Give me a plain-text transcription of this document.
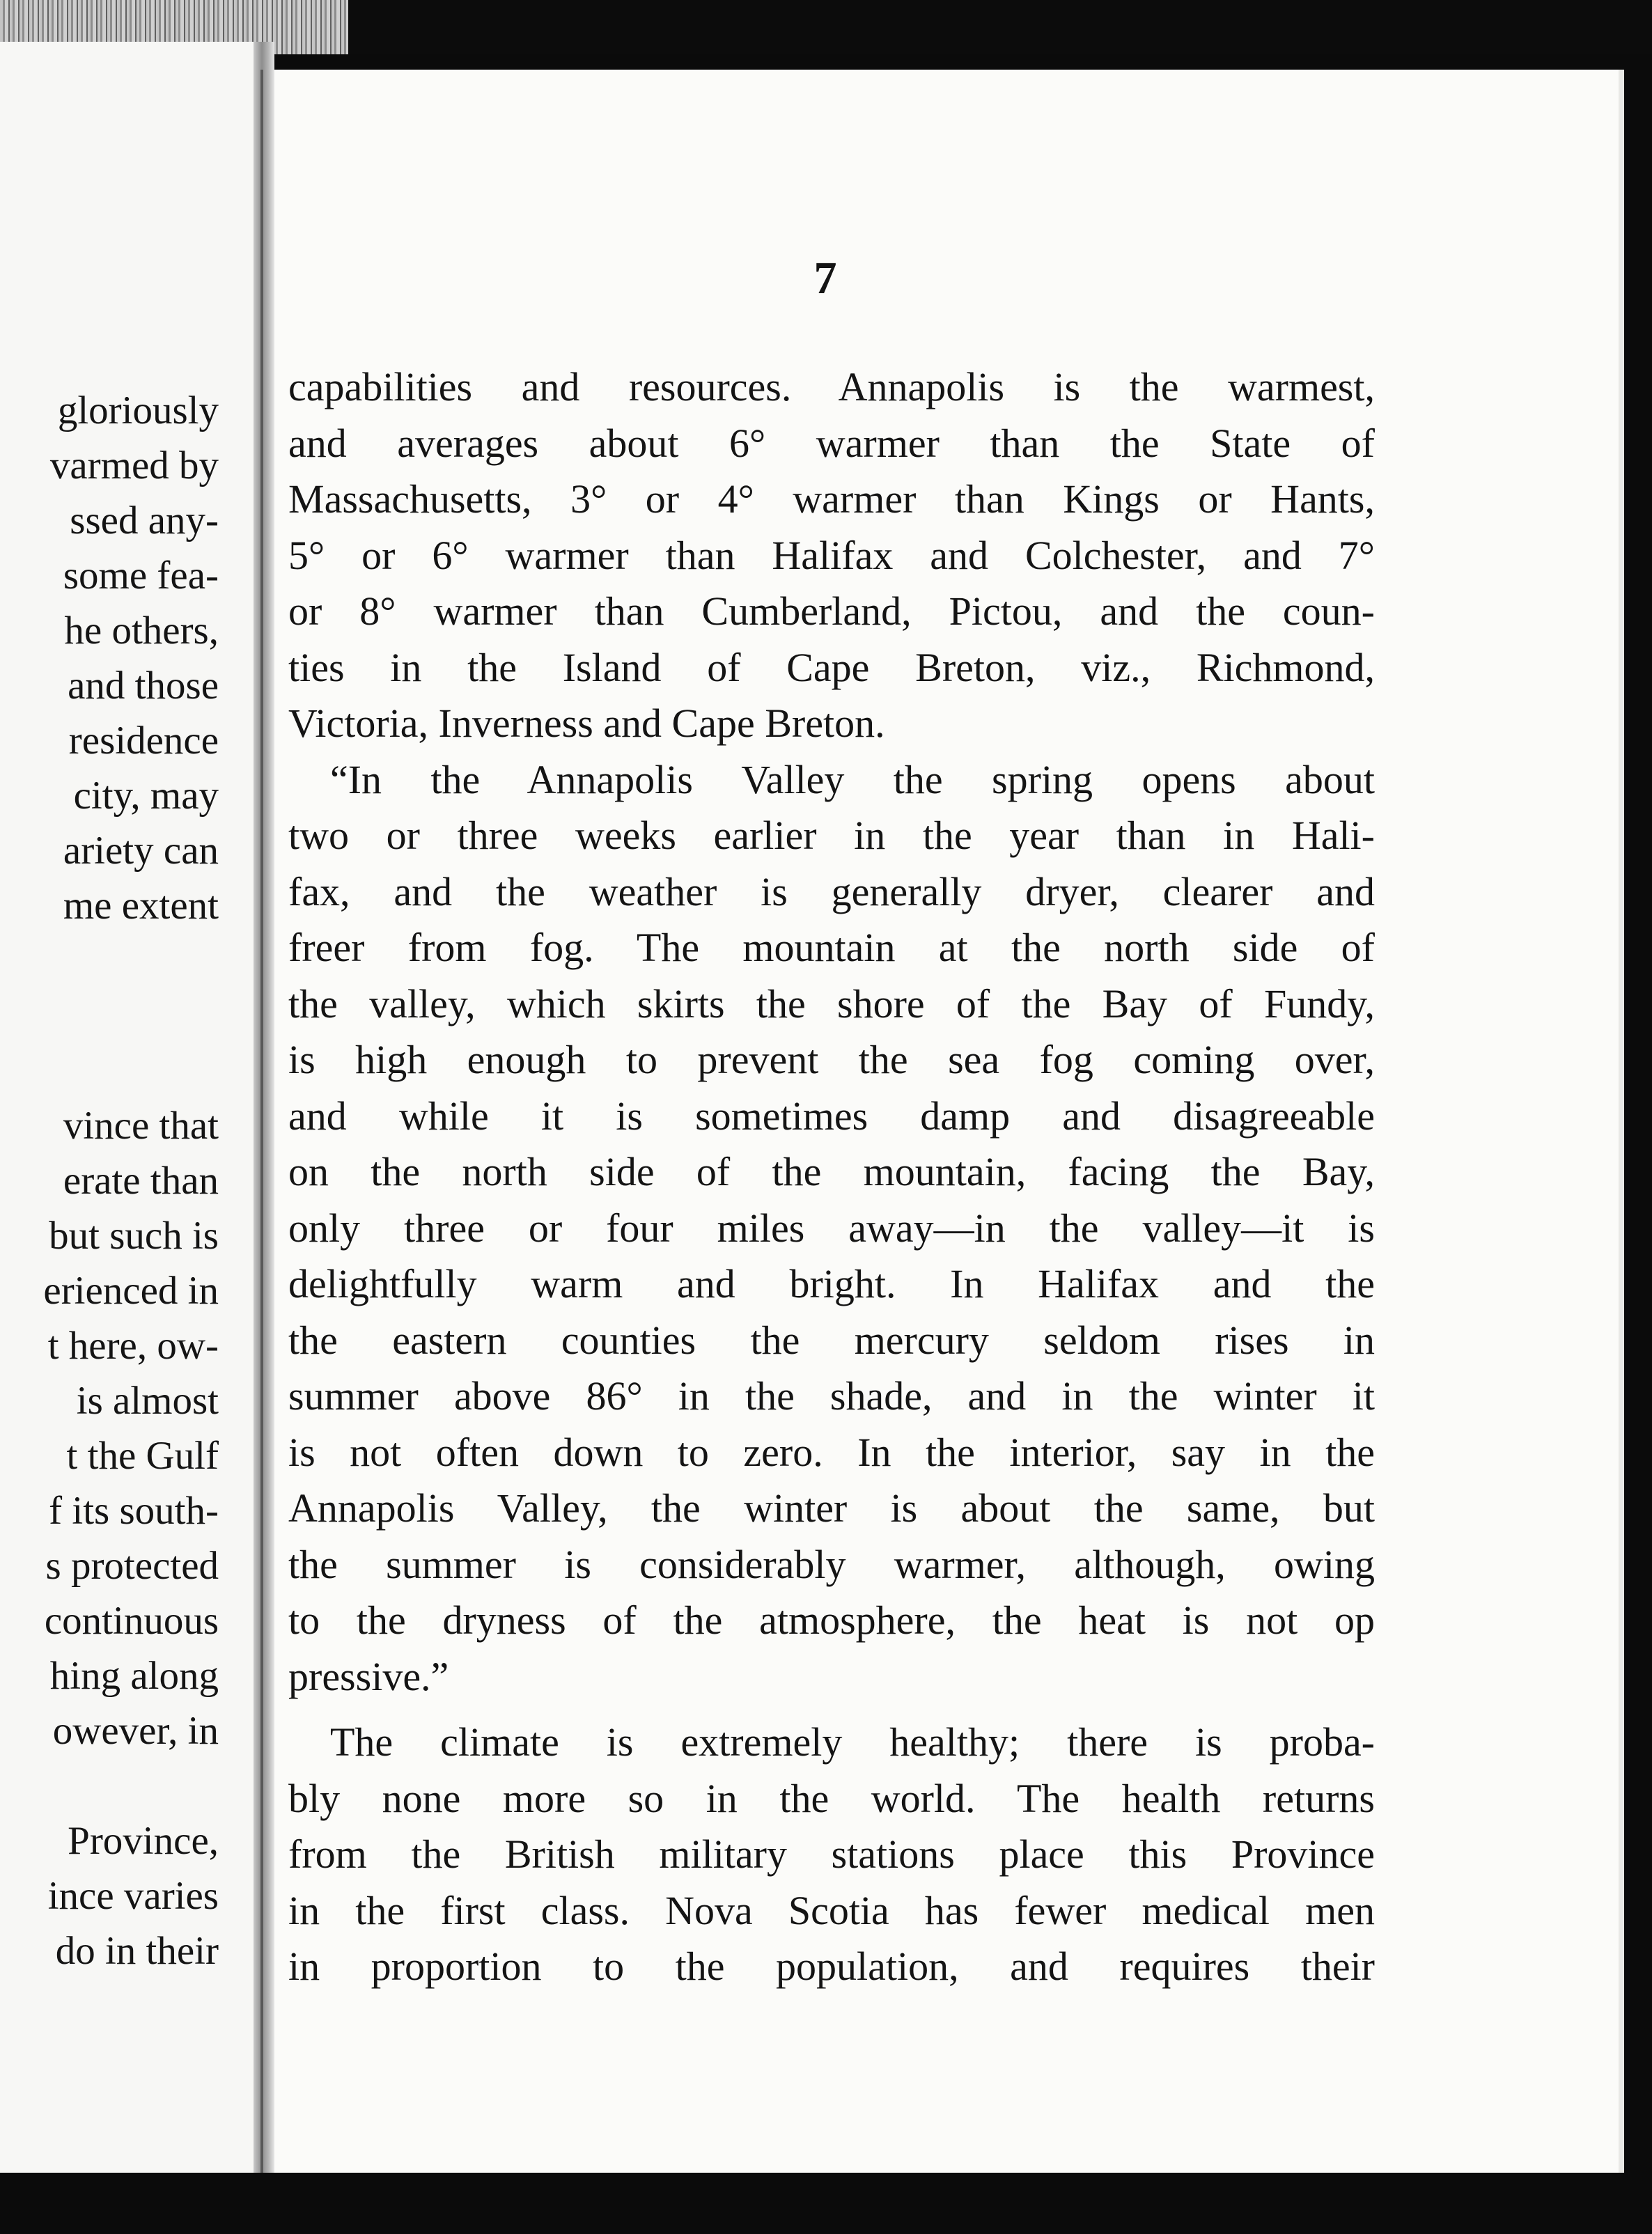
gloriously
varmed by
ssed any-
some fea-
he others,
and those
residence
city, may
ariety can
me extent
vince that
erate than
but such is
erienced in
t here, ow-
is almost
t the Gulf
f its south-
s protected
continuous
hing along
owever, in
Province,
ince varies
do in their
7
capabilities and resources. Annapolis is the warmest,
and averages about 6° warmer than the State of
Massachusetts, 3° or 4° warmer than Kings or Hants,
5° or 6° warmer than Halifax and Colchester, and 7°
or 8° warmer than Cumberland, Pictou, and the coun-
ties in the Island of Cape Breton, viz., Richmond,
Victoria, Inverness and Cape Breton.
“In the Annapolis Valley the spring opens about
two or three weeks earlier in the year than in Hali-
fax, and the weather is generally dryer, clearer and
freer from fog. The mountain at the north side of
the valley, which skirts the shore of the Bay of Fundy,
is high enough to prevent the sea fog coming over,
and while it is sometimes damp and disagreeable
on the north side of the mountain, facing the Bay,
only three or four miles away—in the valley—it is
delightfully warm and bright. In Halifax and the
the eastern counties the mercury seldom rises in
summer above 86° in the shade, and in the winter it
is not often down to zero. In the interior, say in the
Annapolis Valley, the winter is about the same, but
the summer is considerably warmer, although, owing
to the dryness of the atmosphere, the heat is not op
pressive.”
The climate is extremely healthy; there is proba-
bly none more so in the world. The health returns
from the British military stations place this Province
in the first class. Nova Scotia has fewer medical men
in proportion to the population, and requires their
